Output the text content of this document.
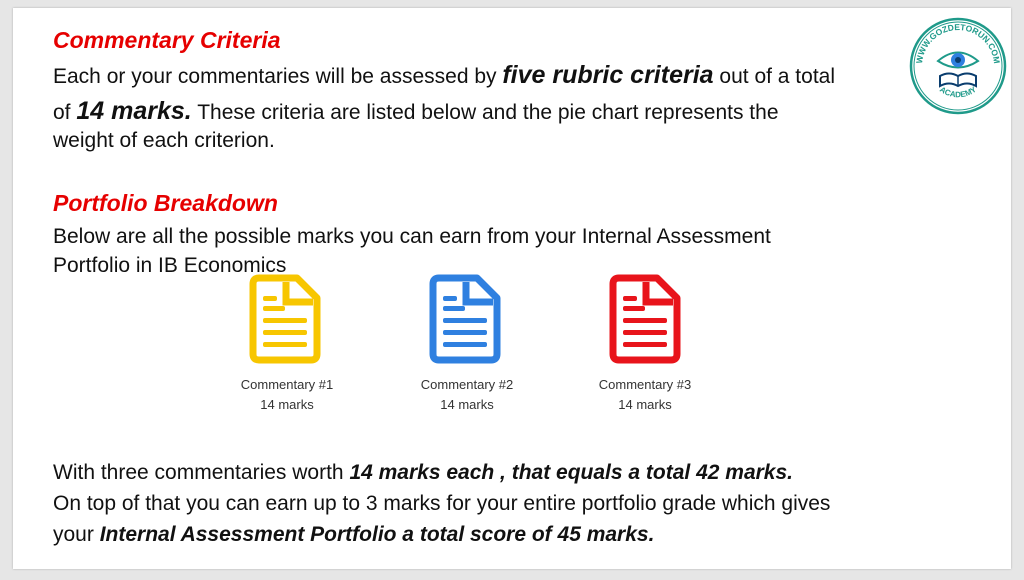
Commentary Criteria
Each or your commentaries will be assessed by five rubric criteria out of a total
of 14 marks. These criteria are listed below and the pie chart represents the
weight of each criterion.
Portfolio Breakdown
Below are all the possible marks you can earn from your Internal Assessment
Portfolio in IB Economics
Commentary #1
14 marks
Commentary #2
14 marks
Commentary #3
14 marks
With three commentaries worth 14 marks each , that equals a total 42 marks.
On top of that you can earn up to 3 marks for your entire portfolio grade which gives
your Internal Assessment Portfolio a total score of 45 marks.
WWW.GOZDETORUN.COM
ACADEMY
